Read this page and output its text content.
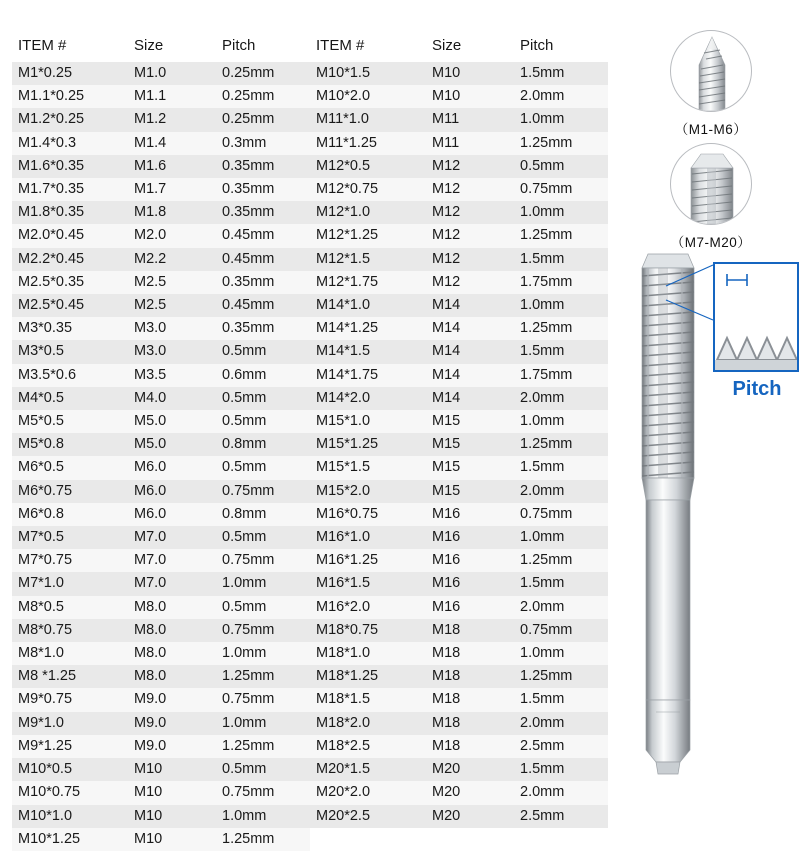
ITEM #	Size	Pitch
M1*0.25	M1.0	0.25mm
M1.1*0.25	M1.1	0.25mm
M1.2*0.25	M1.2	0.25mm
M1.4*0.3	M1.4	0.3mm
M1.6*0.35	M1.6	0.35mm
M1.7*0.35	M1.7	0.35mm
M1.8*0.35	M1.8	0.35mm
M2.0*0.45	M2.0	0.45mm
M2.2*0.45	M2.2	0.45mm
M2.5*0.35	M2.5	0.35mm
M2.5*0.45	M2.5	0.45mm
M3*0.35	M3.0	0.35mm
M3*0.5	M3.0	0.5mm
M3.5*0.6	M3.5	0.6mm
M4*0.5	M4.0	0.5mm
M5*0.5	M5.0	0.5mm
M5*0.8	M5.0	0.8mm
M6*0.5	M6.0	0.5mm
M6*0.75	M6.0	0.75mm
M6*0.8	M6.0	0.8mm
M7*0.5	M7.0	0.5mm
M7*0.75	M7.0	0.75mm
M7*1.0	M7.0	1.0mm
M8*0.5	M8.0	0.5mm
M8*0.75	M8.0	0.75mm
M8*1.0	M8.0	1.0mm
M8 *1.25	M8.0	1.25mm
M9*0.75	M9.0	0.75mm
M9*1.0	M9.0	1.0mm
M9*1.25	M9.0	1.25mm
M10*0.5	M10	0.5mm
M10*0.75	M10	0.75mm
M10*1.0	M10	1.0mm
M10*1.25	M10	1.25mm
ITEM #	Size	Pitch
M10*1.5	M10	1.5mm
M10*2.0	M10	2.0mm
M11*1.0	M11	1.0mm
M11*1.25	M11	1.25mm
M12*0.5	M12	0.5mm
M12*0.75	M12	0.75mm
M12*1.0	M12	1.0mm
M12*1.25	M12	1.25mm
M12*1.5	M12	1.5mm
M12*1.75	M12	1.75mm
M14*1.0	M14	1.0mm
M14*1.25	M14	1.25mm
M14*1.5	M14	1.5mm
M14*1.75	M14	1.75mm
M14*2.0	M14	2.0mm
M15*1.0	M15	1.0mm
M15*1.25	M15	1.25mm
M15*1.5	M15	1.5mm
M15*2.0	M15	2.0mm
M16*0.75	M16	0.75mm
M16*1.0	M16	1.0mm
M16*1.25	M16	1.25mm
M16*1.5	M16	1.5mm
M16*2.0	M16	2.0mm
M18*0.75	M18	0.75mm
M18*1.0	M18	1.0mm
M18*1.25	M18	1.25mm
M18*1.5	M18	1.5mm
M18*2.0	M18	2.0mm
M18*2.5	M18	2.5mm
M20*1.5	M20	1.5mm
M20*2.0	M20	2.0mm
M20*2.5	M20	2.5mm
（M1-M6）
（M7-M20）
Pitch
